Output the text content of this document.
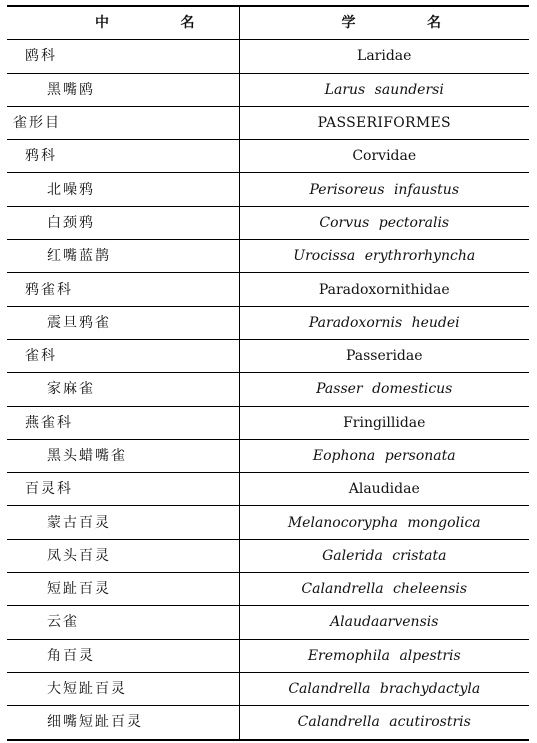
中 名	学 名

鸥科	Laridae
黑嘴鸥	Larus saundersi
雀形目	PASSERIFORMES
鸦科	Corvidae
北噪鸦	Perisoreus infaustus
白颈鸦	Corvus pectoralis
红嘴蓝鹊	Urocissa erythrorhyncha
鸦雀科	Paradoxornithidae
震旦鸦雀	Paradoxornis heudei
雀科	Passeridae
家麻雀	Passer domesticus
燕雀科	Fringillidae
黑头蜡嘴雀	Eophona personata
百灵科	Alaudidae
蒙古百灵	Melanocorypha mongolica
凤头百灵	Galerida cristata
短趾百灵	Calandrella cheleensis
云雀	Alaudaarvensis
角百灵	Eremophila alpestris
大短趾百灵	Calandrella brachydactyla
细嘴短趾百灵	Calandrella acutirostris
